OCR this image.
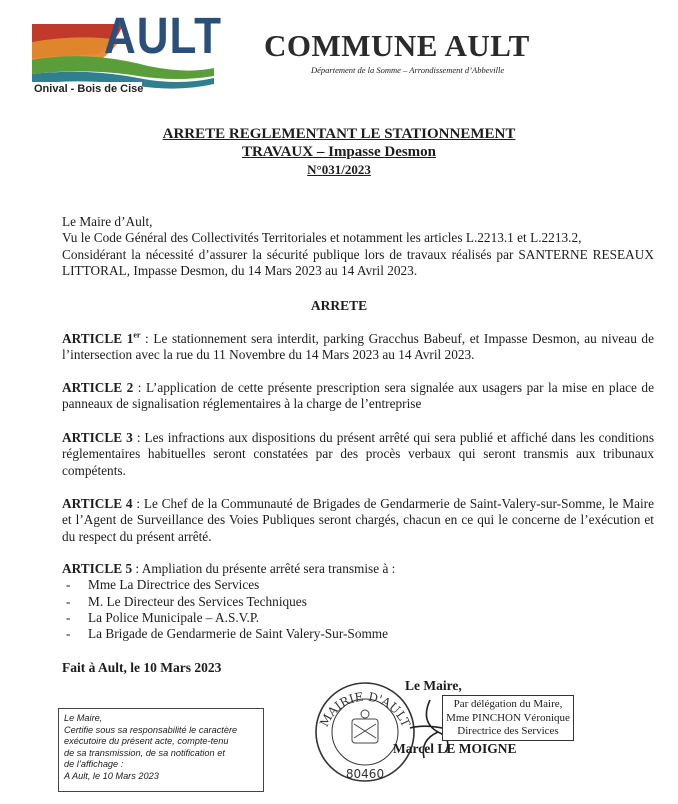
AULT
Onival - Bois de Cise
COMMUNE AULT
Département de la Somme – Arrondissement d’Abbeville
ARRETE REGLEMENTANT LE STATIONNEMENT
TRAVAUX – Impasse Desmon
N°031/2023
Le Maire d’Ault,
Vu le Code Général des Collectivités Territoriales et notamment les articles L.2213.1 et L.2213.2,
Considérant la nécessité d’assurer la sécurité publique lors de travaux réalisés par SANTERNE RESEAUX LITTORAL, Impasse Desmon, du 14 Mars 2023 au 14 Avril 2023.
ARRETE
ARTICLE 1er : Le stationnement sera interdit, parking Gracchus Babeuf, et Impasse Desmon, au niveau de l’intersection avec la rue du 11 Novembre du 14 Mars 2023 au 14 Avril 2023.
ARTICLE 2 : L’application de cette présente prescription sera signalée aux usagers par la mise en place de panneaux de signalisation réglementaires à la charge de l’entreprise
ARTICLE 3 : Les infractions aux dispositions du présent arrêté qui sera publié et affiché dans les conditions réglementaires habituelles seront constatées par des procès verbaux qui seront transmis aux tribunaux compétents.
ARTICLE 4 : Le Chef de la Communauté de Brigades de Gendarmerie de Saint-Valery-sur-Somme, le Maire et l’Agent de Surveillance des Voies Publiques seront chargés, chacun en ce qui le concerne de l’exécution et du respect du présent arrêté.
ARTICLE 5 : Ampliation du présente arrêté sera transmise à :
- Mme La Directrice des Services
- M. Le Directeur des Services Techniques
- La Police Municipale – A.S.V.P.
- La Brigade de Gendarmerie de Saint Valery-Sur-Somme
Fait à Ault, le 10 Mars 2023
Le Maire,
Le Maire,
Certifie sous sa responsabilité le caractère
exécutoire du présent acte, compte-tenu
de sa transmission, de sa notification et
de l’affichage :
A Ault, le 10 Mars 2023
MAIRIE D'AULT
80460
Par délégation du Maire,
Mme PINCHON Véronique
Directrice des Services
Marcel LE MOIGNE
